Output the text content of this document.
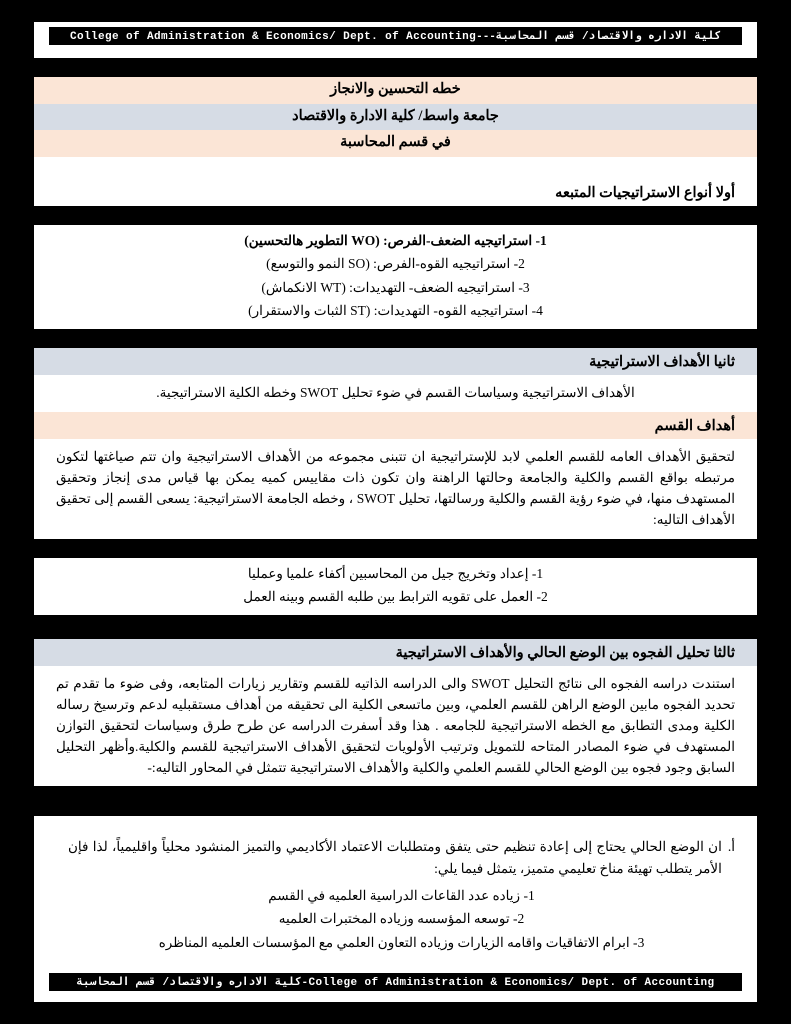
كلية الاداره والاقتصاد/ قسم المحاسبة---College of Administration & Economics/ Dept. of Accounting
College of Administration & Economics/ Dept. of Accounting-كلية الاداره والاقتصاد/ قسم المحاسبة
خطه التحسين والانجاز
جامعة واسط/ كلية الادارة والاقتصاد
في قسم المحاسبة
أولا أنواع الاستراتيجيات المتبعه
1- استراتيجيه الضعف-الفرص: (WO التطوير هالتحسين)
2- استراتيجيه القوه-الفرص: (SO النمو والتوسع)
3- استراتيجيه الضعف- التهديدات: (WT الانكماش)
4- استراتيجيه القوه- التهديدات: (ST الثبات والاستقرار)
ثانيا الأهداف الاستراتيجية
الأهداف الاستراتيجية وسياسات القسم في ضوء تحليل SWOT وخطه الكلية الاستراتيجية.
أهداف القسم
لتحقيق الأهداف العامه للقسم العلمي لابد للإستراتيجية ان تتبنى مجموعه من الأهداف الاستراتيجية وان تتم صياغتها لتكون مرتبطه بواقع القسم والكلية والجامعة وحالتها الراهنة وان تكون ذات مقاييس كميه يمكن بها قياس مدى إنجاز وتحقيق المستهدف منها، في ضوء رؤية القسم والكلية ورسالتها، تحليل SWOT ، وخطه الجامعة الاستراتيجية: يسعى القسم إلى تحقيق الأهداف التاليه:
1- إعداد وتخريج جيل من المحاسبين أكفاء علميا وعمليا
2- العمل على تقويه الترابط بين طلبه القسم وبينه العمل
ثالثا تحليل الفجوه بين الوضع الحالي والأهداف الاستراتيجية
استندت دراسه الفجوه الى نتائج التحليل SWOT والى الدراسه الذاتيه للقسم وتقارير زيارات المتابعه، وفى ضوء ما تقدم تم تحديد الفجوه مابين الوضع الراهن للقسم العلمي، وبين ماتسعى الكلية الى تحقيقه من أهداف مستقبليه لدعم وترسيخ رساله الكلية ومدى التطابق مع الخطه الاستراتيجية للجامعه . هذا وقد أسفرت الدراسه عن طرح طرق وسياسات لتحقيق التوازن المستهدف في ضوء المصادر المتاحه للتمويل وترتيب الأولويات لتحقيق الأهداف الاستراتيجية للقسم والكلية.وأظهر التحليل السابق وجود فجوه بين الوضع الحالي للقسم العلمي والكلية والأهداف الاستراتيجية تتمثل في المحاور التاليه:-
أ.
ان الوضع الحالي يحتاج إلى إعادة تنظيم حتى يتفق ومتطلبات الاعتماد الأكاديمي والتميز المنشود محلياً واقليمياً، لذا فإن الأمر يتطلب تهيئة مناخ تعليمي متميز، يتمثل فيما يلي:
1- زياده عدد القاعات الدراسية العلميه في القسم
2- توسعه المؤسسه وزياده المختبرات العلميه
3- ابرام الاتفاقيات واقامه الزيارات وزياده التعاون العلمي مع المؤسسات العلميه المناظره
